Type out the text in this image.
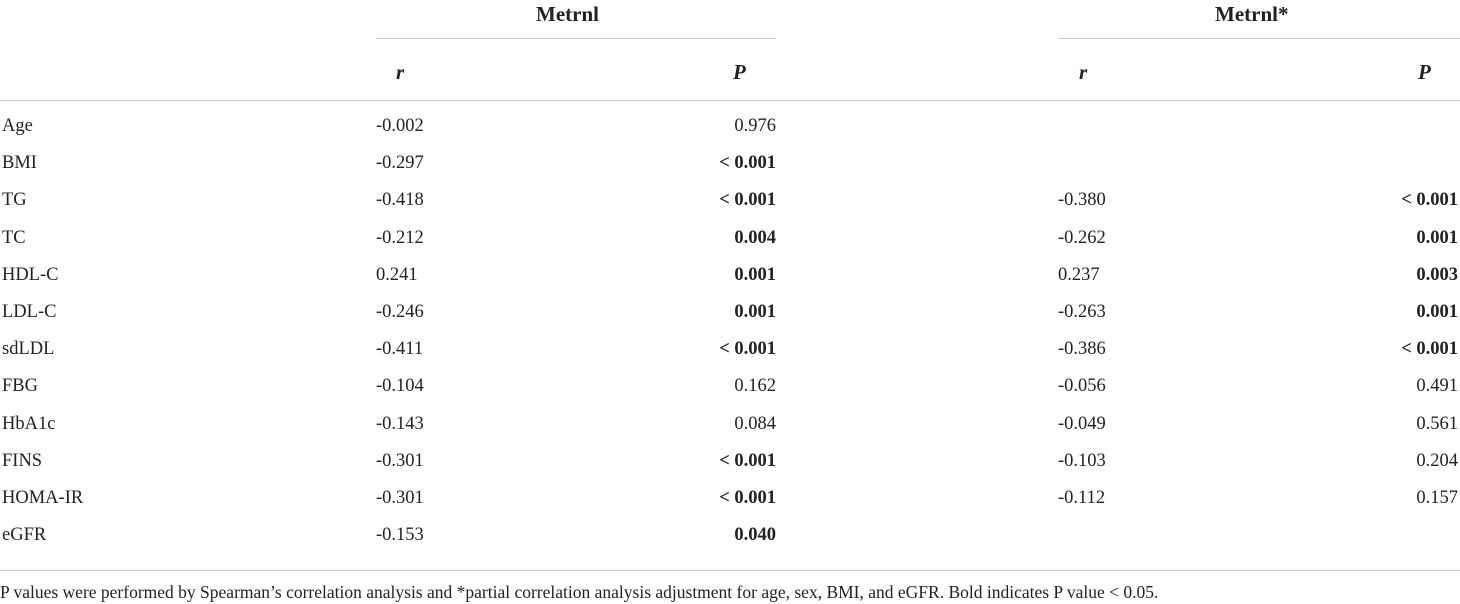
Metrnl	Metrnl*
r	P	r	P
Age	-0.002	0.976
BMI	-0.297	< 0.001
TG	-0.418	< 0.001	-0.380	< 0.001
TC	-0.212	0.004	-0.262	0.001
HDL-C	0.241	0.001	0.237	0.003
LDL-C	-0.246	0.001	-0.263	0.001
sdLDL	-0.411	< 0.001	-0.386	< 0.001
FBG	-0.104	0.162	-0.056	0.491
HbA1c	-0.143	0.084	-0.049	0.561
FINS	-0.301	< 0.001	-0.103	0.204
HOMA-IR	-0.301	< 0.001	-0.112	0.157
eGFR	-0.153	0.040
P values were performed by Spearman’s correlation analysis and *partial correlation analysis adjustment for age, sex, BMI, and eGFR. Bold indicates P value < 0.05.
